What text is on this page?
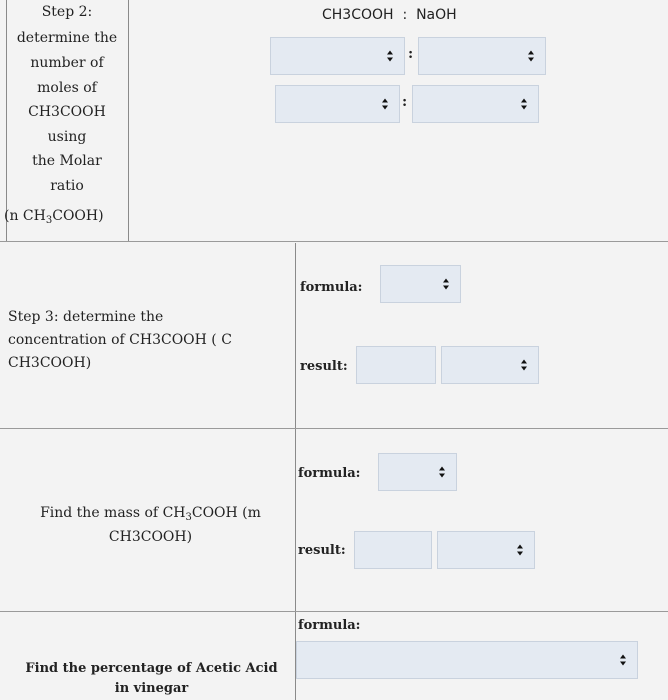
Step 2:
determine the
number of
moles of
CH3COOH
using
the Molar
ratio
(n $CH_3COOH$)
CH3COOH  :  NaOH
:
:
Step 3: determine the
concentration of CH3COOH ( C
CH3COOH)
formula:
result:
Find the mass of $CH_3COOH$ (m
CH3COOH)
formula:
result:
formula:
Find the percentage of Acetic Acid
in vinegar
